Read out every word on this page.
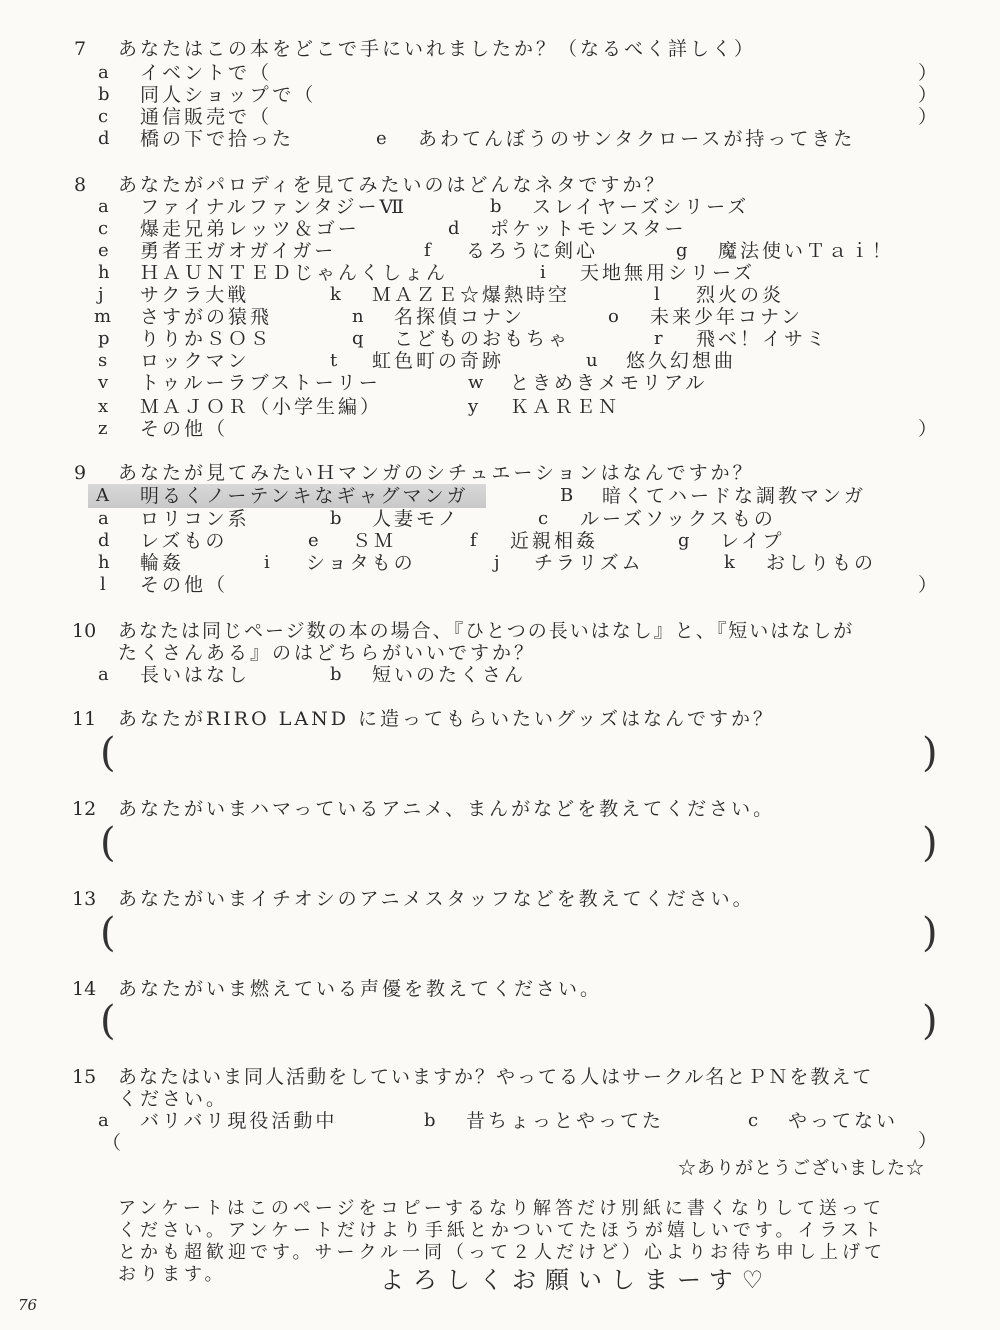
7 あなたはこの本をどこで手にいれましたか？（なるべく詳しく）
a イベントで（	）
b 同人ショップで（	）
c 通信販売で（	）
d 橋の下で拾った	e あわてんぼうのサンタクロースが持ってきた
8 あなたがパロディを見てみたいのはどんなネタですか？
a ファイナルファンタジーⅦ	b スレイヤーズシリーズ
c 爆走兄弟レッツ＆ゴー	d ポケットモンスター
e 勇者王ガオガイガー	f るろうに剣心	g 魔法使いＴａｉ！
h ＨＡＵＮＴＥＤじゃんくしょん	i 天地無用シリーズ
j サクラ大戦	k ＭＡＺＥ☆爆熱時空	l 烈火の炎
m さすがの猿飛	n 名探偵コナン	o 未来少年コナン
p りりかＳＯＳ	q こどものおもちゃ	r 飛べ！イサミ
s ロックマン	t 虹色町の奇跡	u 悠久幻想曲
v トゥルーラブストーリー	w ときめきメモリアル
x ＭＡＪＯＲ（小学生編）	y ＫＡＲＥＮ
z その他（	）
9 あなたが見てみたいＨマンガのシチュエーションはなんですか？
A 明るくノーテンキなギャグマンガ	B 暗くてハードな調教マンガ
a ロリコン系	b 人妻モノ	c ルーズソックスもの
d レズもの	e ＳＭ	f 近親相姦	g レイプ
h 輪姦	i ショタもの	j チラリズム	k おしりもの
l その他（	）
10 あなたは同じページ数の本の場合、『ひとつの長いはなし』と、『短いはなしが
たくさんある』のはどちらがいいですか？
a 長いはなし	b 短いのたくさん
11 あなたがRIRO LAND に造ってもらいたいグッズはなんですか？
(	)
12 あなたがいまハマっているアニメ、まんがなどを教えてください。
(	)
13 あなたがいまイチオシのアニメスタッフなどを教えてください。
(	)
14 あなたがいま燃えている声優を教えてください。
(	)
15 あなたはいま同人活動をしていますか？やってる人はサークル名とＰＮを教えて
ください。
a バリバリ現役活動中	b 昔ちょっとやってた	c やってない
（	）
☆ありがとうございました☆
アンケートはこのページをコピーするなり解答だけ別紙に書くなりして送って
ください。アンケートだけより手紙とかついてたほうが嬉しいです。イラスト
とかも超歓迎です。サークル一同（って２人だけど）心よりお待ち申し上げて
おります。	よろしくお願いしまーす♡
76
